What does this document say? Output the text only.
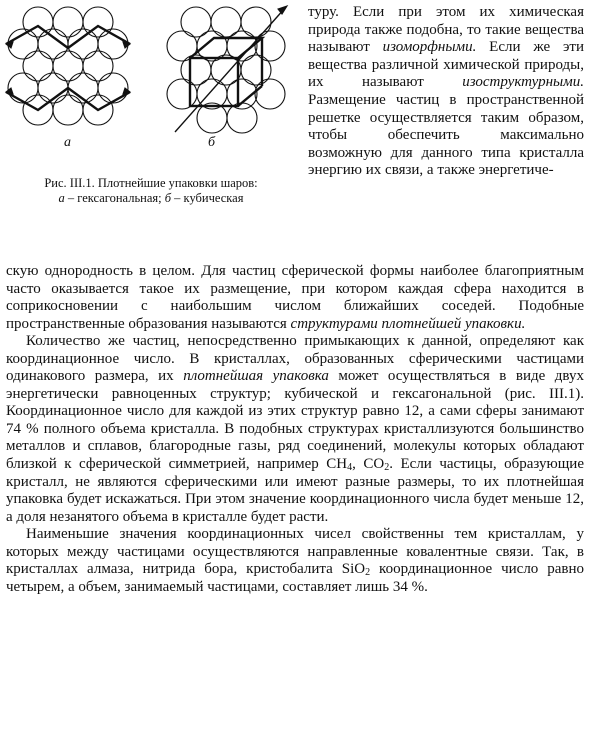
а	б
Рис. III.1. Плотнейшие упаковки шаров:
а – гексагональная; б – кубическая

туру. Если при этом их химическая природа также подобна, то такие вещества называют изоморфными. Если же эти вещества различной химической природы, их называют изоструктурными. Размещение частиц в пространственной решетке осуществляется таким образом, чтобы обеспечить максимально возможную для данного типа кристалла энергию их связи, а также энергетиче-

скую однородность в целом. Для частиц сферической формы наиболее благоприятным часто оказывается такое их размещение, при котором каждая сфера находится в соприкосновении с наибольшим числом ближайших соседей. Подобные пространственные образования называются структурами плотнейшей упаковки.

Количество же частиц, непосредственно примыкающих к данной, определяют как координационное число. В кристаллах, образованных сферическими частицами одинакового размера, их плотнейшая упаковка может осуществляться в виде двух энергетически равноценных структур; кубической и гексагональной (рис. III.1). Координационное число для каждой из этих структур равно 12, а сами сферы занимают 74 % полного объема кристалла. В подобных структурах кристаллизуются большинство металлов и сплавов, благородные газы, ряд соединений, молекулы которых обладают близкой к сферической симметрией, например $CH_4$, $CO_2$. Если частицы, образующие кристалл, не являются сферическими или имеют разные размеры, то их плотнейшая упаковка будет искажаться. При этом значение координационного числа будет меньше 12, а доля незанятого объема в кристалле будет расти.

Наименьшие значения координационных чисел свойственны тем кристаллам, у которых между частицами осуществляются направленные ковалентные связи. Так, в кристаллах алмаза, нитрида бора, кристобалита SiO$_2$ координационное число равно четырем, а объем, занимаемый частицами, составляет лишь 34 %.
